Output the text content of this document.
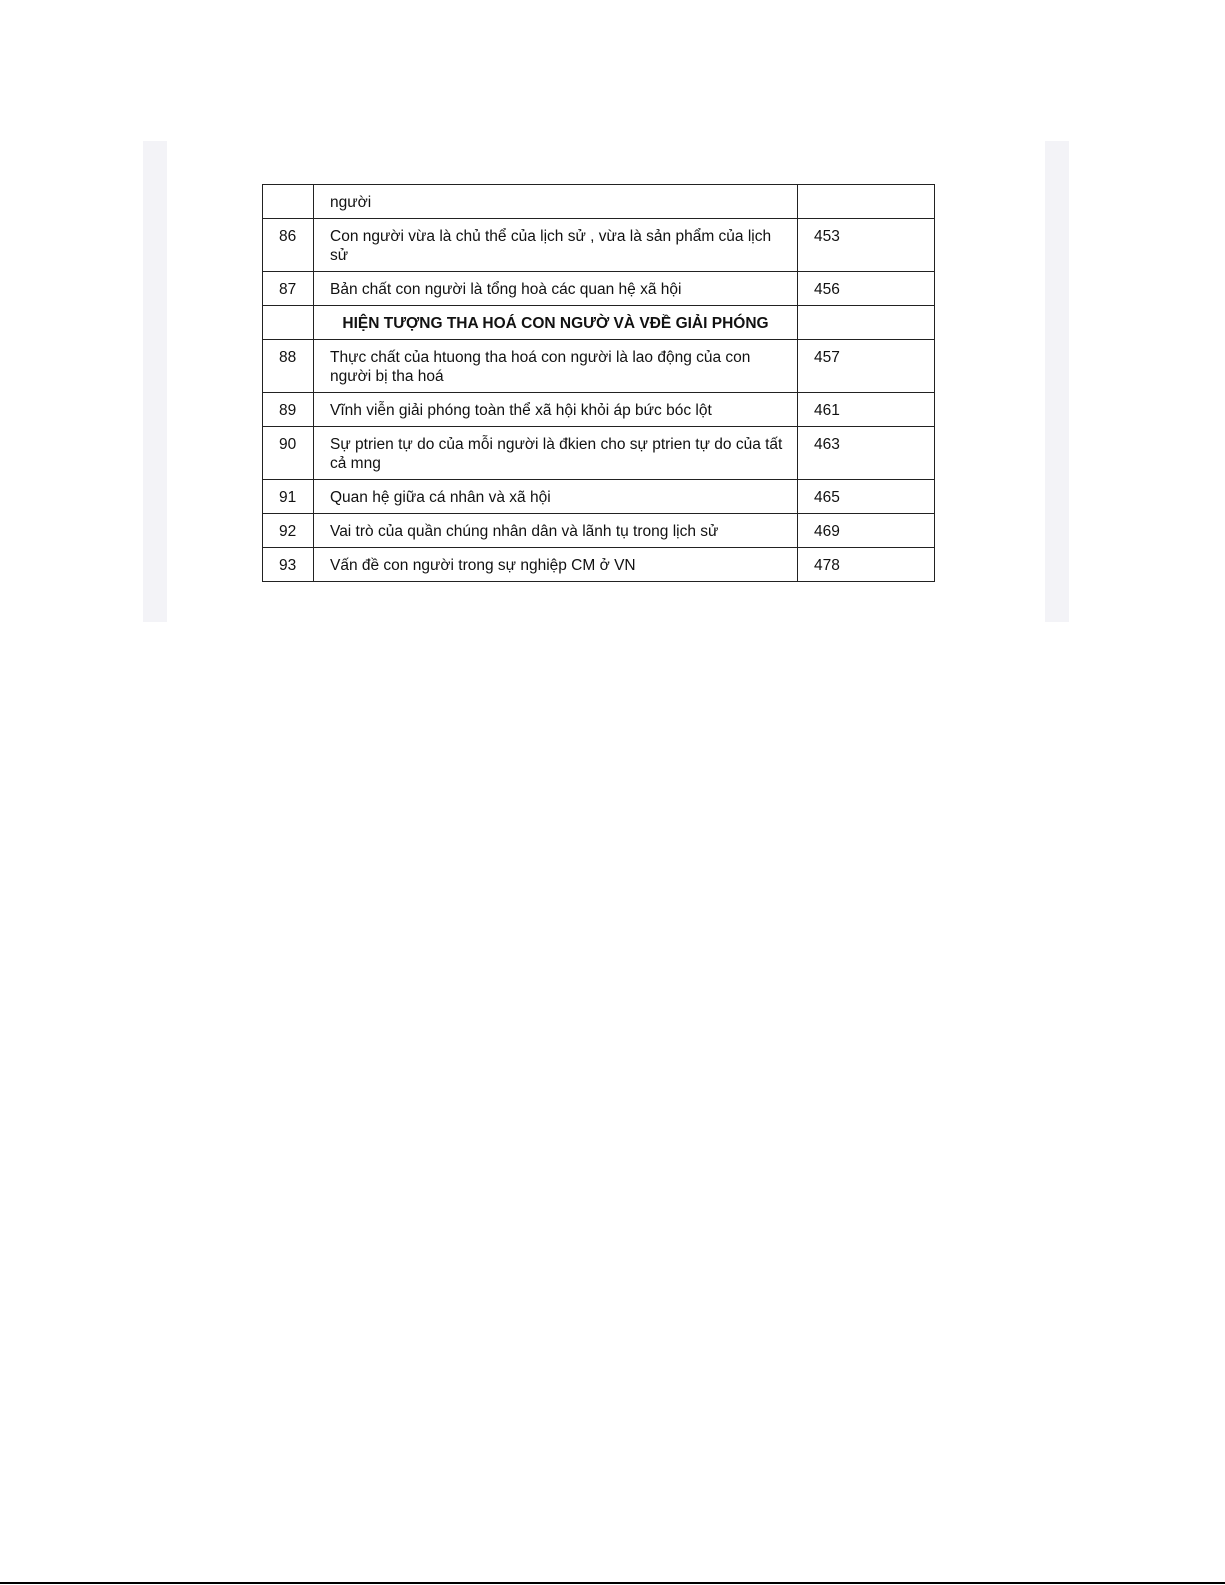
	người	
86	Con người vừa là chủ thể của lịch sử , vừa là sản phẩm của lịch sử	453
87	Bản chất con người là tổng hoà các quan hệ xã hội	456
	HIỆN TƯỢNG THA HOÁ CON NGƯỜ VÀ VĐỀ GIẢI PHÓNG	
88	Thực chất của htuong tha hoá con người là lao động của con người bị tha hoá	457
89	Vĩnh viễn giải phóng toàn thể xã hội khỏi áp bức bóc lột	461
90	Sự ptrien tự do của mỗi người là đkien cho sự ptrien tự do của tất cả mng	463
91	Quan hệ giữa cá nhân và xã hội	465
92	Vai trò của quần chúng nhân dân và lãnh tụ trong lịch sử	469
93	Vấn đề con người trong sự nghiệp CM ở VN	478
